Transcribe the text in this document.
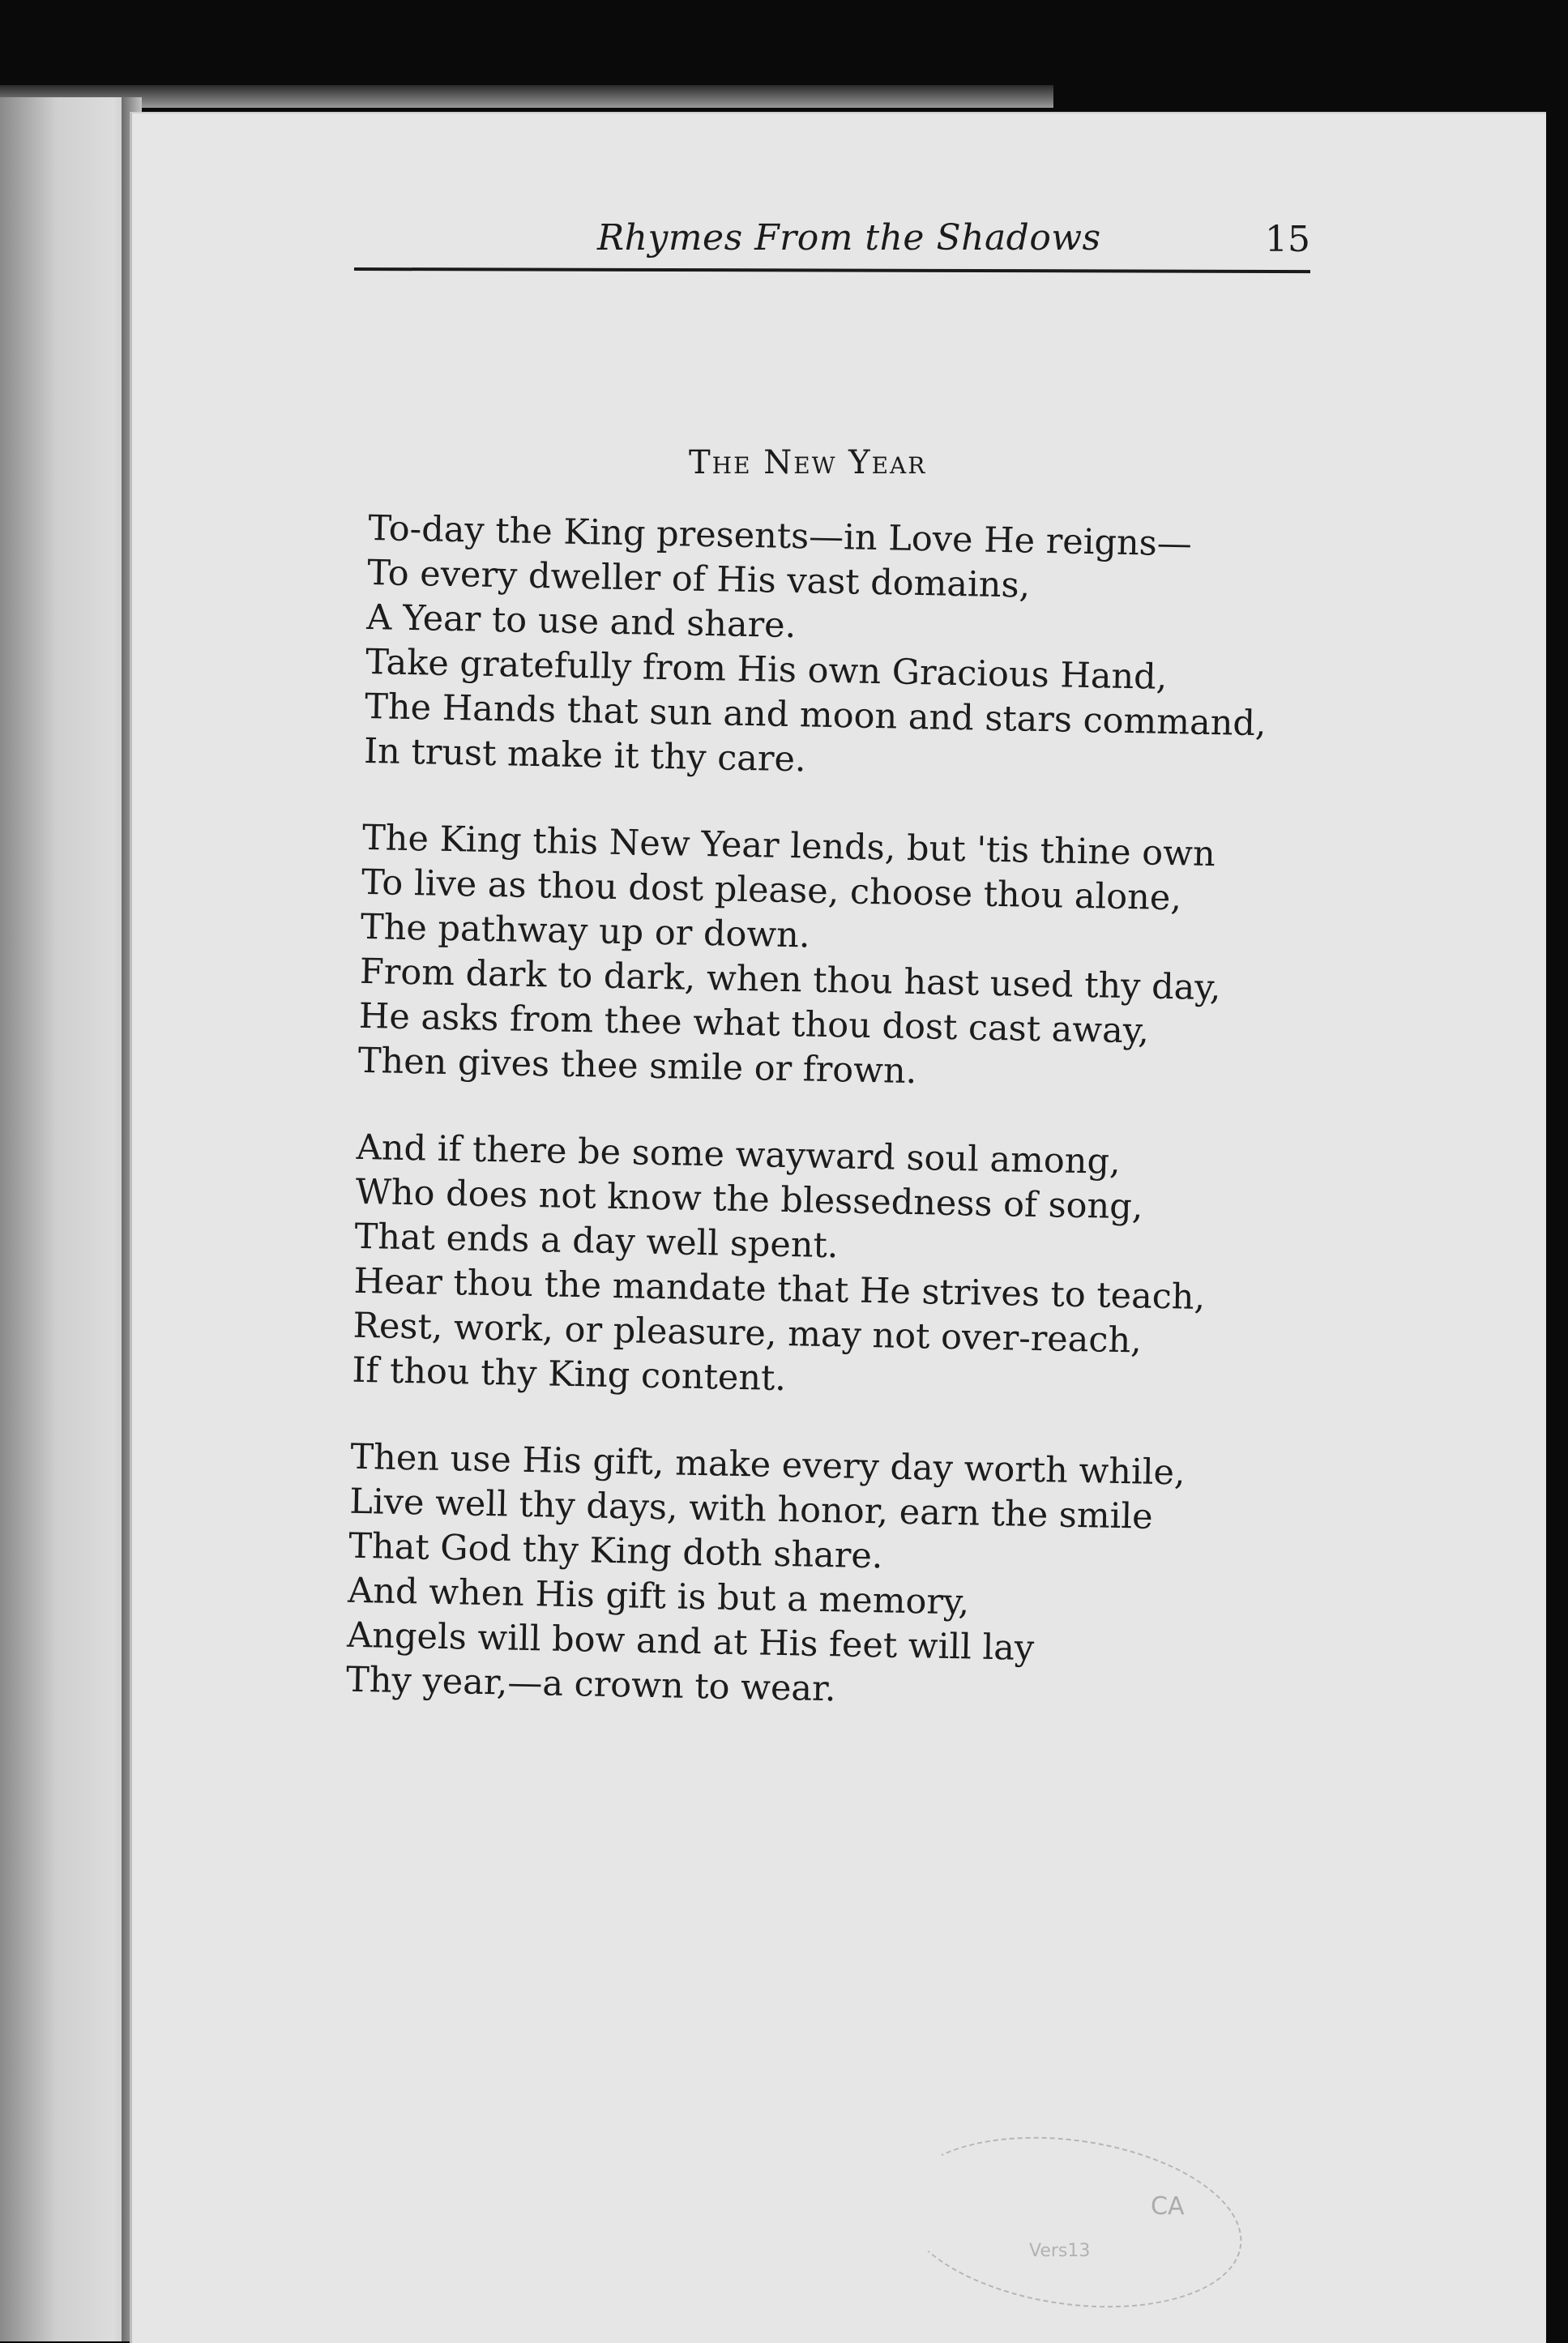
Rhymes From the Shadows	15
The New Year
To-day the King presents—in Love He reigns—
To every dweller of His vast domains,
A Year to use and share.
Take gratefully from His own Gracious Hand,
The Hands that sun and moon and stars command,
In trust make it thy care.
The King this New Year lends, but 'tis thine own
To live as thou dost please, choose thou alone,
The pathway up or down.
From dark to dark, when thou hast used thy day,
He asks from thee what thou dost cast away,
Then gives thee smile or frown.
And if there be some wayward soul among,
Who does not know the blessedness of song,
That ends a day well spent.
Hear thou the mandate that He strives to teach,
Rest, work, or pleasure, may not over-reach,
If thou thy King content.
Then use His gift, make every day worth while,
Live well thy days, with honor, earn the smile
That God thy King doth share.
And when His gift is but a memory,
Angels will bow and at His feet will lay
Thy year,—a crown to wear.
CA
Vers13
